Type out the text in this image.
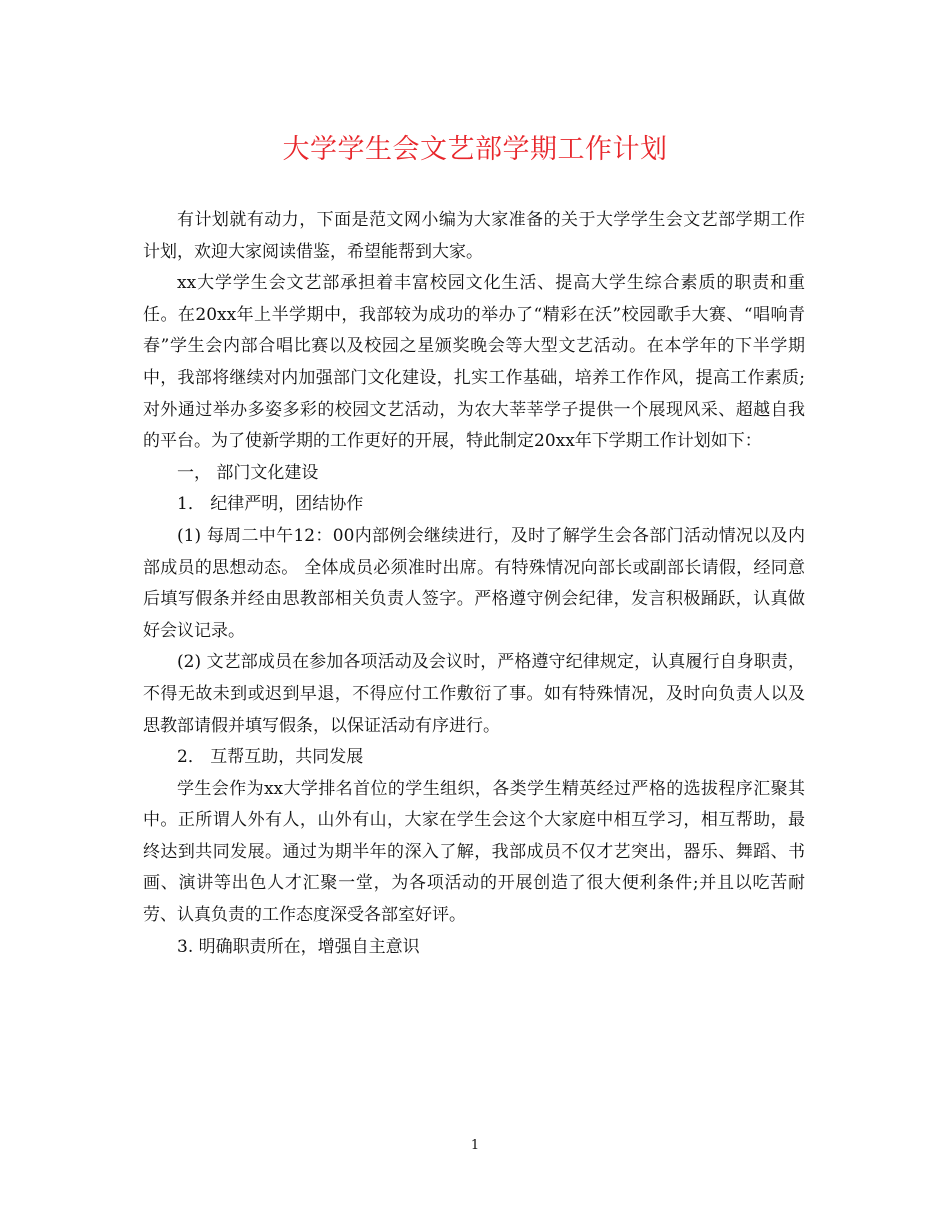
大学学生会文艺部学期工作计划

有计划就有动力，下面是范文网小编为大家准备的关于大学学生会文艺部学期工作计划，欢迎大家阅读借鉴，希望能帮到大家。

xx大学学生会文艺部承担着丰富校园文化生活、提高大学生综合素质的职责和重任。在20xx年上半学期中，我部较为成功的举办了“精彩在沃”校园歌手大赛、“唱响青春”学生会内部合唱比赛以及校园之星颁奖晚会等大型文艺活动。在本学年的下半学期中，我部将继续对内加强部门文化建设，扎实工作基础，培养工作作风，提高工作素质;对外通过举办多姿多彩的校园文艺活动，为农大莘莘学子提供一个展现风采、超越自我的平台。为了使新学期的工作更好的开展，特此制定20xx年下学期工作计划如下：

一， 部门文化建设

1． 纪律严明，团结协作

(1) 每周二中午12：00内部例会继续进行，及时了解学生会各部门活动情况以及内部成员的思想动态。 全体成员必须准时出席。有特殊情况向部长或副部长请假，经同意后填写假条并经由思教部相关负责人签字。严格遵守例会纪律，发言积极踊跃，认真做好会议记录。

(2) 文艺部成员在参加各项活动及会议时，严格遵守纪律规定，认真履行自身职责，不得无故未到或迟到早退，不得应付工作敷衍了事。如有特殊情况，及时向负责人以及思教部请假并填写假条，以保证活动有序进行。

2． 互帮互助，共同发展

学生会作为xx大学排名首位的学生组织，各类学生精英经过严格的选拔程序汇聚其中。正所谓人外有人，山外有山，大家在学生会这个大家庭中相互学习，相互帮助，最终达到共同发展。通过为期半年的深入了解，我部成员不仅才艺突出，器乐、舞蹈、书画、演讲等出色人才汇聚一堂，为各项活动的开展创造了很大便利条件;并且以吃苦耐劳、认真负责的工作态度深受各部室好评。

3. 明确职责所在，增强自主意识

1
